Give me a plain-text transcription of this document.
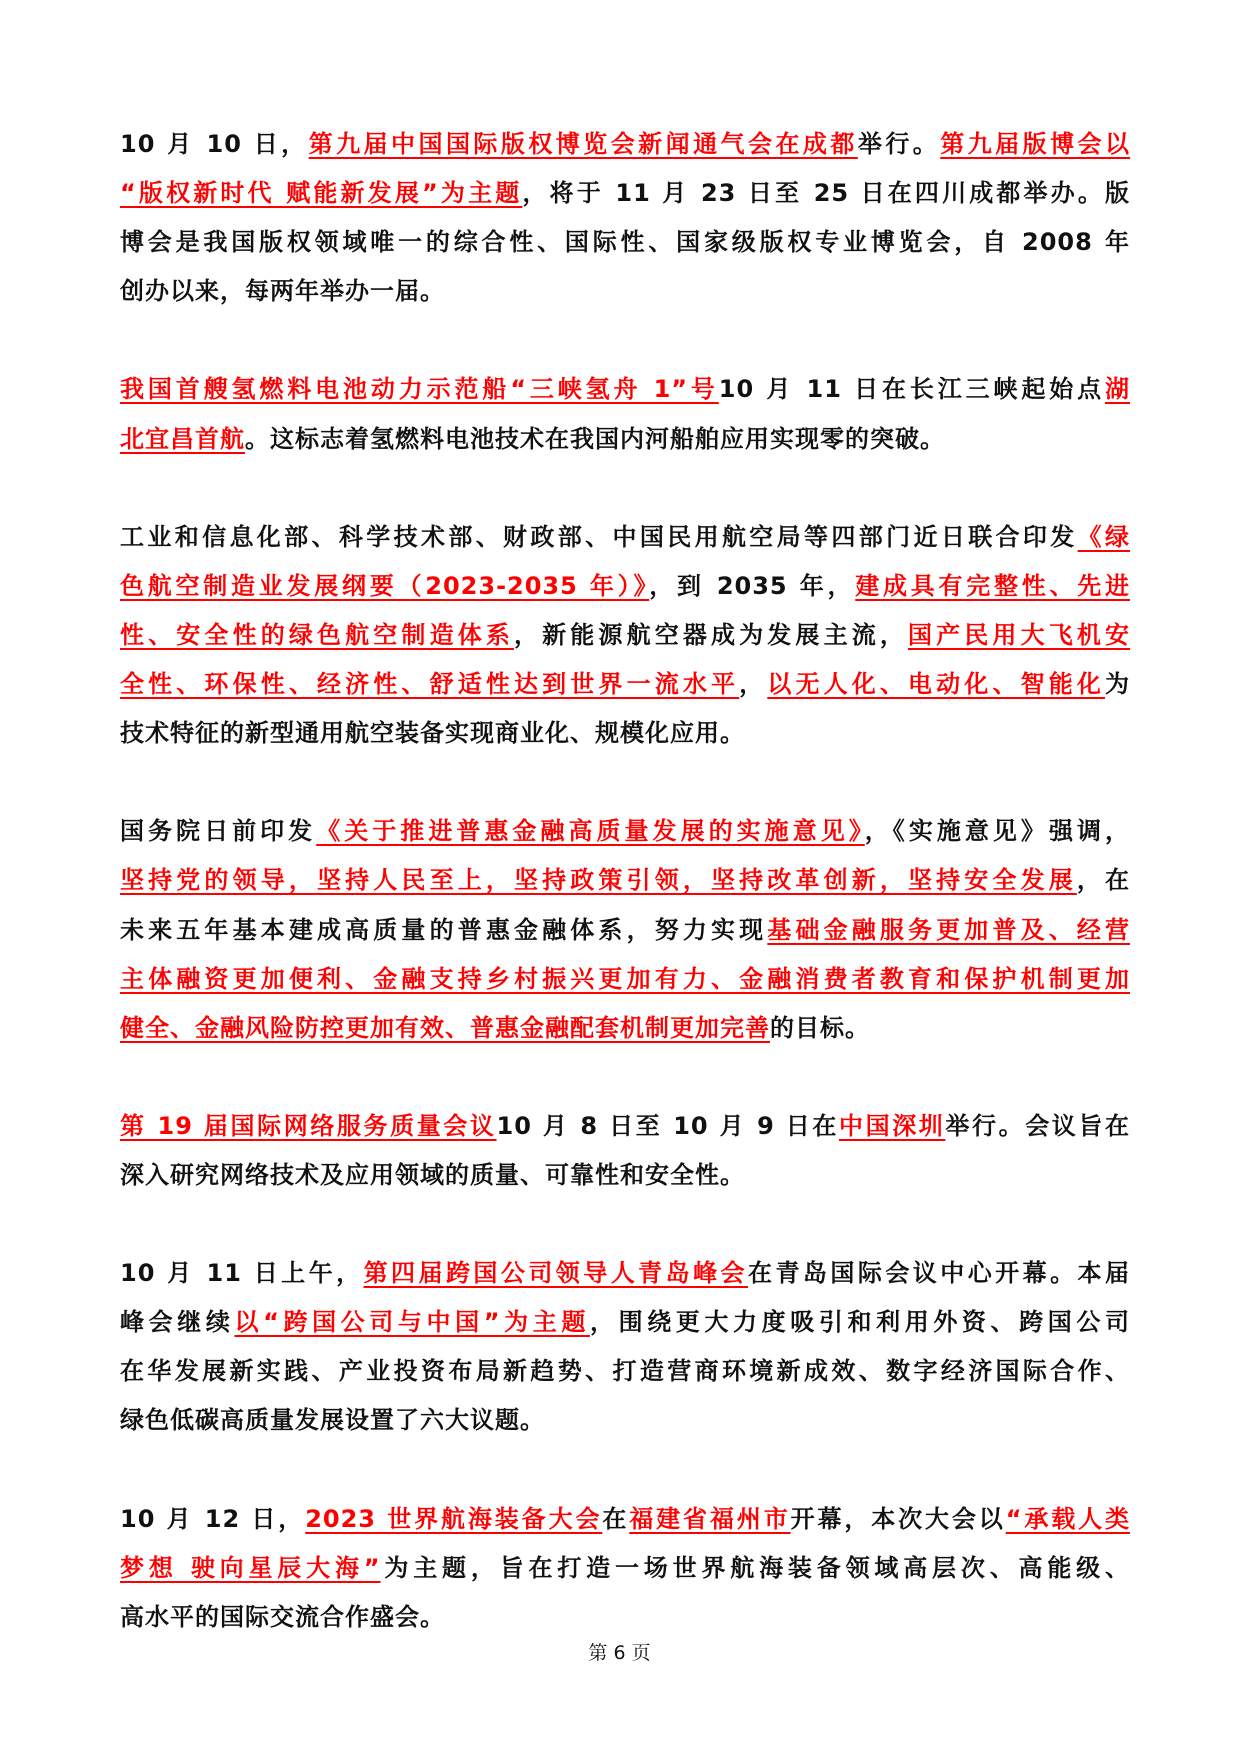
10 月 10 日，第九届中国国际版权博览会新闻通气会在成都举行。第九届版博会以
“版权新时代 赋能新发展”为主题，将于 11 月 23 日至 25 日在四川成都举办。版
博会是我国版权领域唯一的综合性、国际性、国家级版权专业博览会，自 2008 年
创办以来，每两年举办一届。
我国首艘氢燃料电池动力示范船“三峡氢舟 1”号10 月 11 日在长江三峡起始点湖
北宜昌首航。这标志着氢燃料电池技术在我国内河船舶应用实现零的突破。
工业和信息化部、科学技术部、财政部、中国民用航空局等四部门近日联合印发《绿
色航空制造业发展纲要（2023-2035 年）》，到 2035 年，建成具有完整性、先进
性、安全性的绿色航空制造体系，新能源航空器成为发展主流，国产民用大飞机安
全性、环保性、经济性、舒适性达到世界一流水平，以无人化、电动化、智能化为
技术特征的新型通用航空装备实现商业化、规模化应用。
国务院日前印发《关于推进普惠金融高质量发展的实施意见》，《实施意见》强调，
坚持党的领导，坚持人民至上，坚持政策引领，坚持改革创新，坚持安全发展，在
未来五年基本建成高质量的普惠金融体系，努力实现基础金融服务更加普及、经营
主体融资更加便利、金融支持乡村振兴更加有力、金融消费者教育和保护机制更加
健全、金融风险防控更加有效、普惠金融配套机制更加完善的目标。
第 19 届国际网络服务质量会议10 月 8 日至 10 月 9 日在中国深圳举行。会议旨在
深入研究网络技术及应用领域的质量、可靠性和安全性。
10 月 11 日上午，第四届跨国公司领导人青岛峰会在青岛国际会议中心开幕。本届
峰会继续以“跨国公司与中国”为主题，围绕更大力度吸引和利用外资、跨国公司
在华发展新实践、产业投资布局新趋势、打造营商环境新成效、数字经济国际合作、
绿色低碳高质量发展设置了六大议题。
10 月 12 日，2023 世界航海装备大会在福建省福州市开幕，本次大会以“承载人类
梦想 驶向星辰大海”为主题，旨在打造一场世界航海装备领域高层次、高能级、
高水平的国际交流合作盛会。
第 6 页
